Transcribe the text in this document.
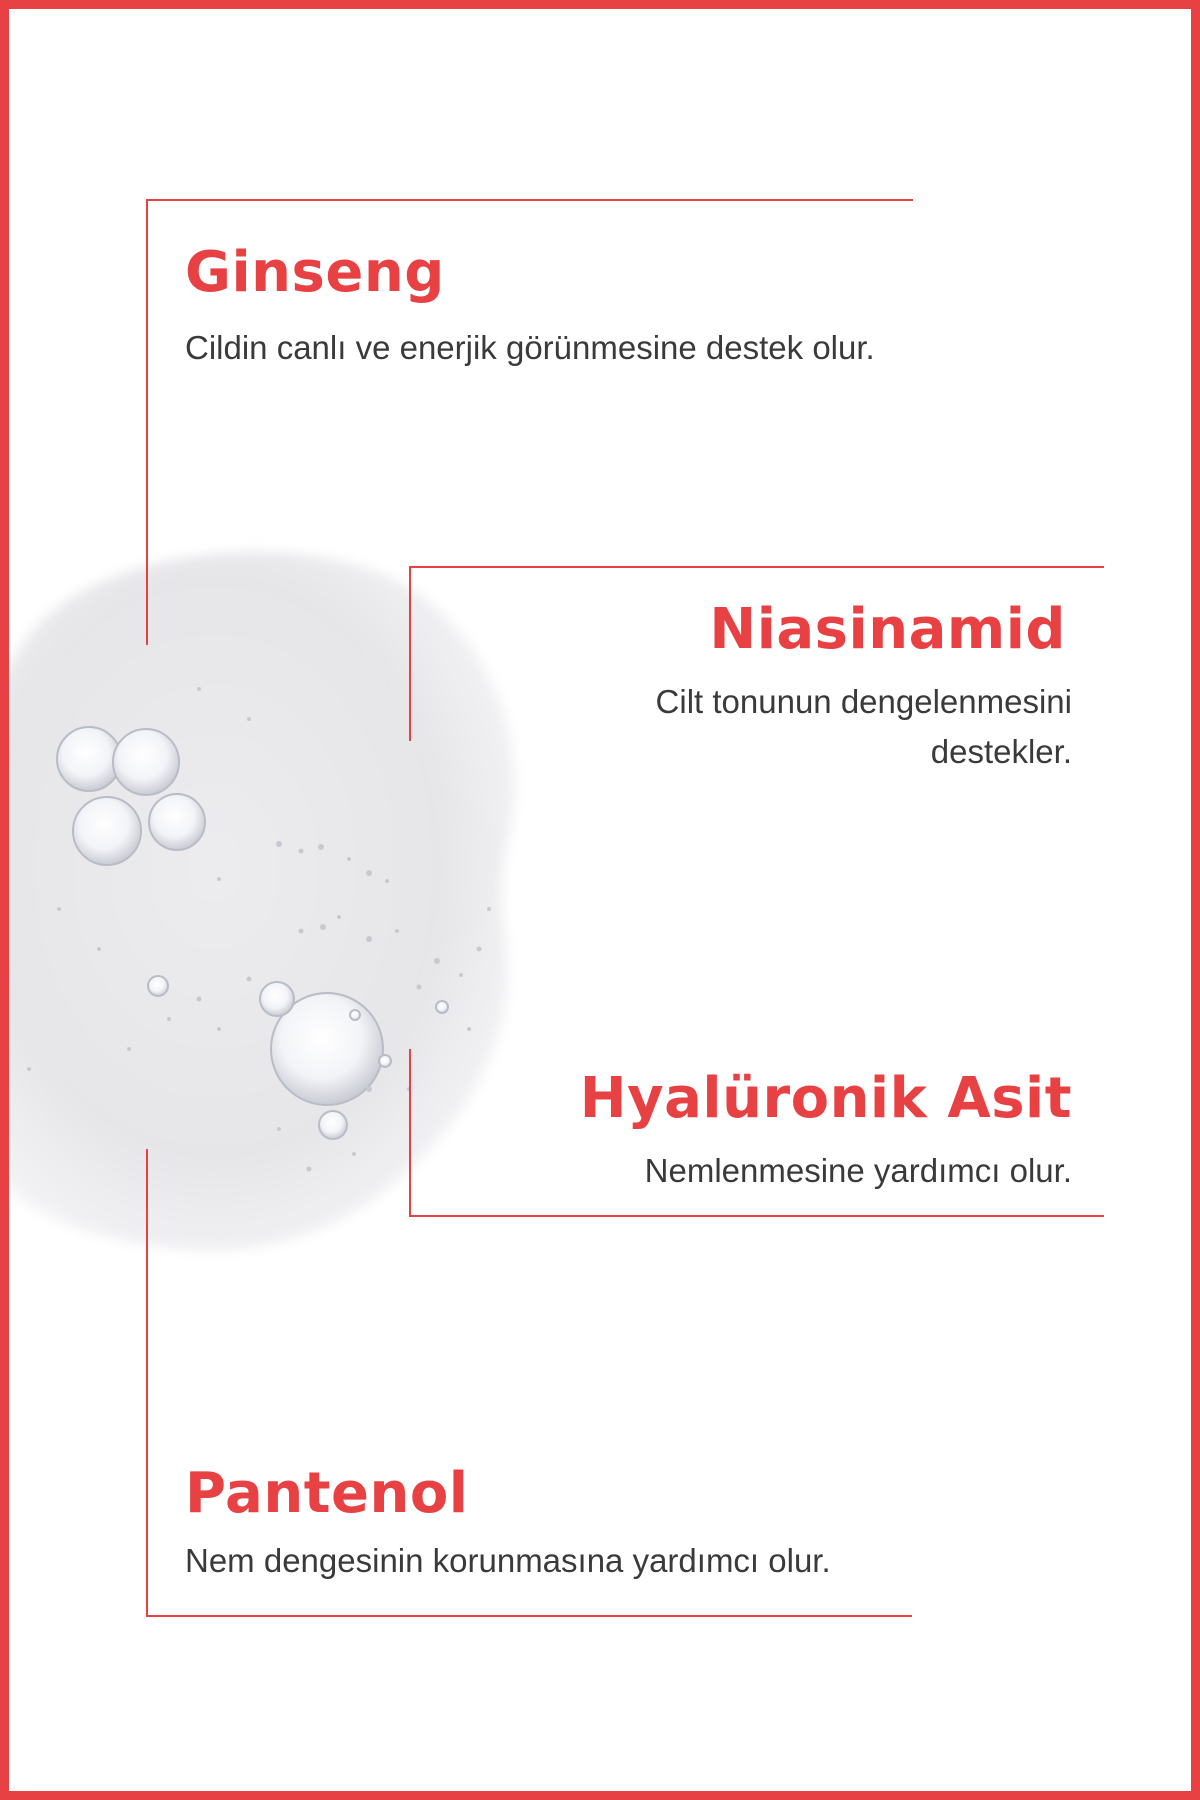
Ginseng

Cildin canlı ve enerjik görünmesine destek olur.

Niasinamid

Cilt tonunun dengelenmesini

destekler.

Hyalüronik Asit

Nemlenmesine yardımcı olur.

Pantenol

Nem dengesinin korunmasına yardımcı olur.
